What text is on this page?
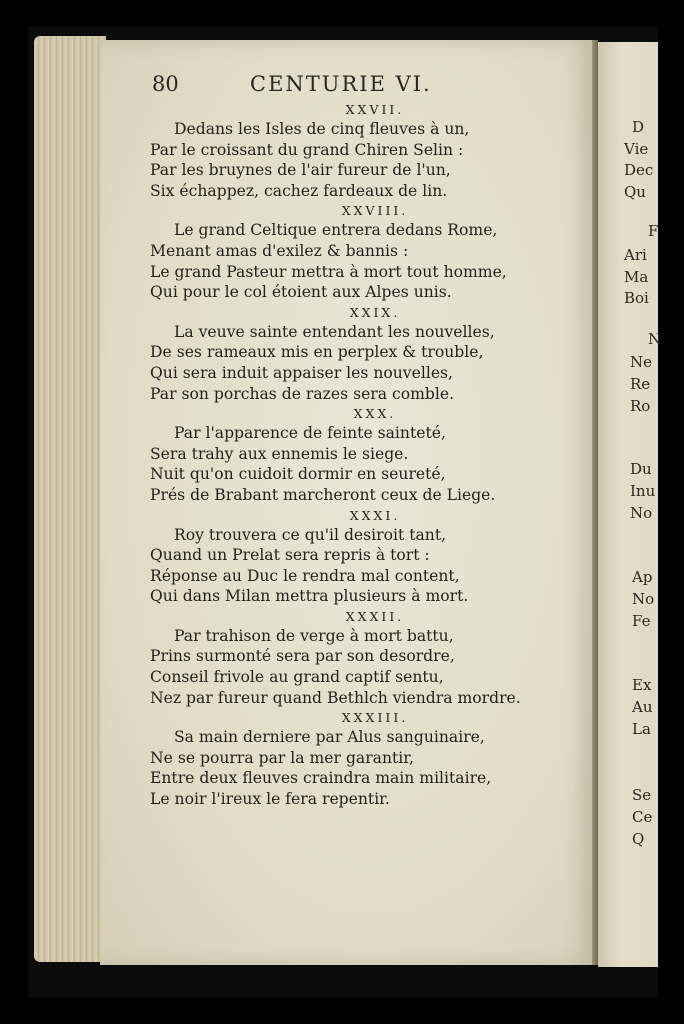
D
Vie
Dec
Qu
F
Ari
Ma
Boi
N
Ne
Re
Ro
Du
Inu
No
Ap
No
Fe
Ex
Au
La
Se
Ce
Q
80	CENTURIE VI.
XXVII.
Dedans les Isles de cinq fleuves à un,
Par le croissant du grand Chiren Selin :
Par les bruynes de l'air fureur de l'un,
Six échappez, cachez fardeaux de lin.
XXVIII.
Le grand Celtique entrera dedans Rome,
Menant amas d'exilez & bannis :
Le grand Pasteur mettra à mort tout homme,
Qui pour le col étoient aux Alpes unis.
XXIX.
La veuve sainte entendant les nouvelles,
De ses rameaux mis en perplex & trouble,
Qui sera induit appaiser les nouvelles,
Par son porchas de razes sera comble.
XXX.
Par l'apparence de feinte sainteté,
Sera trahy aux ennemis le siege.
Nuit qu'on cuidoit dormir en seureté,
Prés de Brabant marcheront ceux de Liege.
XXXI.
Roy trouvera ce qu'il desiroit tant,
Quand un Prelat sera repris à tort :
Réponse au Duc le rendra mal content,
Qui dans Milan mettra plusieurs à mort.
XXXII.
Par trahison de verge à mort battu,
Prins surmonté sera par son desordre,
Conseil frivole au grand captif sentu,
Nez par fureur quand Bethlch viendra mordre.
XXXIII.
Sa main derniere par Alus sanguinaire,
Ne se pourra par la mer garantir,
Entre deux fleuves craindra main militaire,
Le noir l'ireux le fera repentir.
